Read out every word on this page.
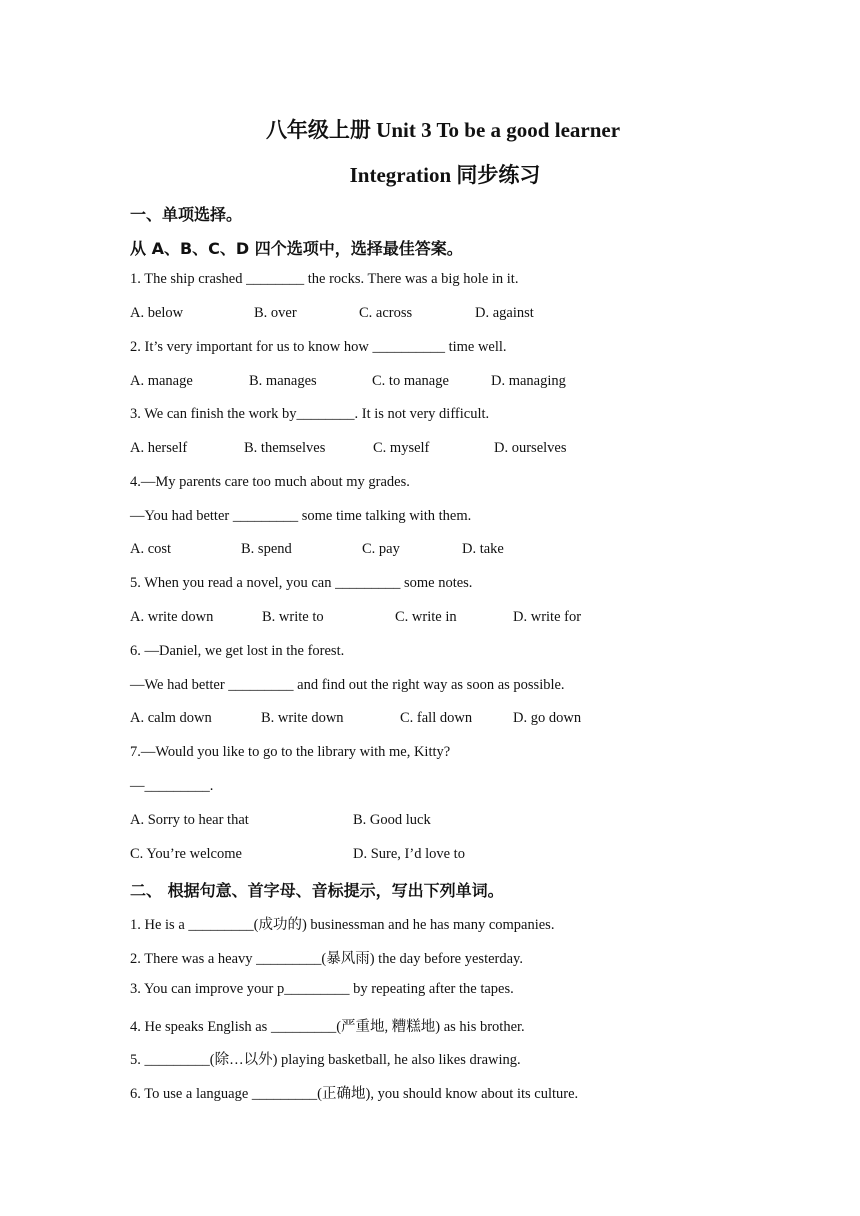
八年级上册 Unit 3 To be a good learner
Integration 同步练习
一、单项选择。
从 A、B、C、D 四个选项中，选择最佳答案。
1. The ship crashed ________ the rocks. There was a big hole in it.
A. below	B. over	C. across	D. against
2. It’s very important for us to know how __________ time well.
A. manage	B. manages	C. to manage	D. managing
3. We can finish the work by________. It is not very difficult.
A. herself	B. themselves	C. myself	D. ourselves
4.—My parents care too much about my grades.
—You had better _________ some time talking with them.
A. cost	B. spend	C. pay	D. take
5. When you read a novel, you can _________ some notes.
A. write down	B. write to	C. write in	D. write for
6. —Daniel, we get lost in the forest.
—We had better _________ and find out the right way as soon as possible.
A. calm down	B. write down	C. fall down	D. go down
7.—Would you like to go to the library with me, Kitty?
—_________.
A. Sorry to hear that	B. Good luck
C. You’re welcome	D. Sure, I’d love to
二、 根据句意、首字母、音标提示，写出下列单词。
1. He is a _________(成功的) businessman and he has many companies.
2. There was a heavy _________(暴风雨) the day before yesterday.
3. You can improve your p_________ by repeating after the tapes.
4. He speaks English as _________(严重地, 糟糕地) as his brother.
5. _________(除…以外) playing basketball, he also likes drawing.
6. To use a language _________(正确地), you should know about its culture.
